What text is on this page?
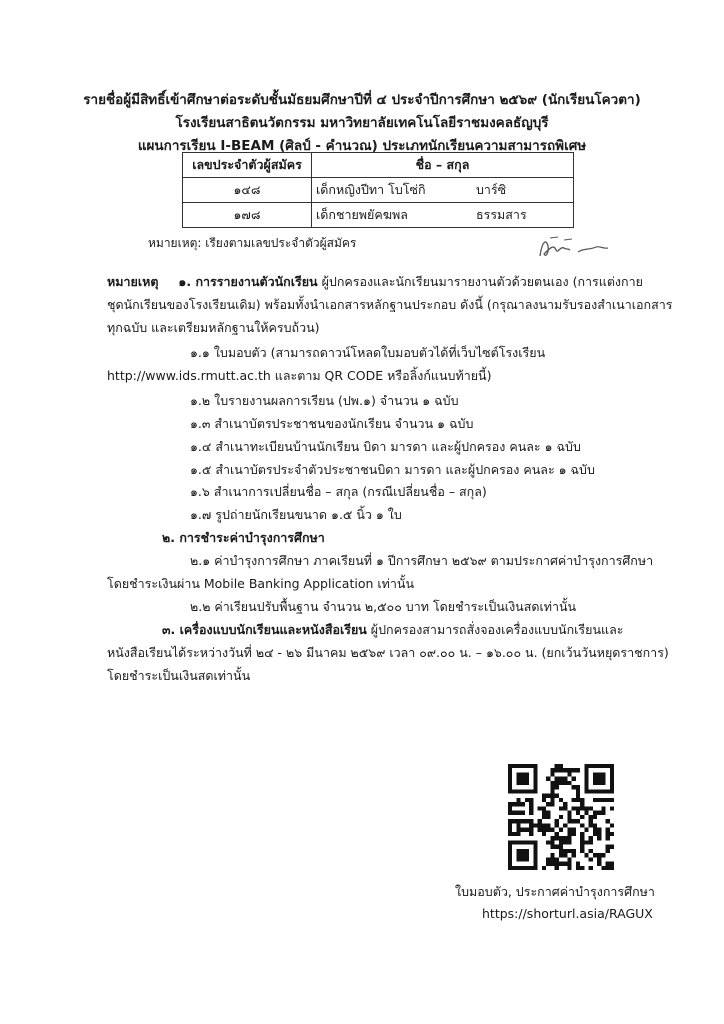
รายชื่อผู้มีสิทธิ์เข้าศึกษาต่อระดับชั้นมัธยมศึกษาปีที่ ๔ ประจำปีการศึกษา ๒๕๖๙ (นักเรียนโควตา)
โรงเรียนสาธิตนวัตกรรม มหาวิทยาลัยเทคโนโลยีราชมงคลธัญบุรี
แผนการเรียน I-BEAM (ศิลป์ - คำนวณ) ประเภทนักเรียนความสามารถพิเศษ
เลขประจำตัวผู้สมัคร	ชื่อ – สกุล
๑๔๘	เด็กหญิงปีทา โบโซ่กิ บาร์ซิ
๑๗๘	เด็กชายพยัคฆพล ธรรมสาร
หมายเหตุ: เรียงตามเลขประจำตัวผู้สมัคร
หมายเหตุ ๑. การรายงานตัวนักเรียน ผู้ปกครองและนักเรียนมารายงานตัวด้วยตนเอง (การแต่งกาย
ชุดนักเรียนของโรงเรียนเดิม) พร้อมทั้งนำเอกสารหลักฐานประกอบ ดังนี้ (กรุณาลงนามรับรองสำเนาเอกสาร
ทุกฉบับ และเตรียมหลักฐานให้ครบถ้วน)
๑.๑ ใบมอบตัว (สามารถดาวน์โหลดใบมอบตัวได้ที่เว็บไซต์โรงเรียน
http://www.ids.rmutt.ac.th และตาม QR CODE หรือลิ้งก์แนบท้ายนี้)
๑.๒ ใบรายงานผลการเรียน (ปพ.๑) จำนวน ๑ ฉบับ
๑.๓ สำเนาบัตรประชาชนของนักเรียน จำนวน ๑ ฉบับ
๑.๔ สำเนาทะเบียนบ้านนักเรียน บิดา มารดา และผู้ปกครอง คนละ ๑ ฉบับ
๑.๕ สำเนาบัตรประจำตัวประชาชนบิดา มารดา และผู้ปกครอง คนละ ๑ ฉบับ
๑.๖ สำเนาการเปลี่ยนชื่อ – สกุล (กรณีเปลี่ยนชื่อ – สกุล)
๑.๗ รูปถ่ายนักเรียนขนาด ๑.๕ นิ้ว ๑ ใบ
๒. การชำระค่าบำรุงการศึกษา
๒.๑ ค่าบำรุงการศึกษา ภาคเรียนที่ ๑ ปีการศึกษา ๒๕๖๙ ตามประกาศค่าบำรุงการศึกษา
โดยชำระเงินผ่าน Mobile Banking Application เท่านั้น
๒.๒ ค่าเรียนปรับพื้นฐาน จำนวน ๒,๕๐๐ บาท โดยชำระเป็นเงินสดเท่านั้น
๓. เครื่องแบบนักเรียนและหนังสือเรียน ผู้ปกครองสามารถสั่งจองเครื่องแบบนักเรียนและ
หนังสือเรียนได้ระหว่างวันที่ ๒๔ - ๒๖ มีนาคม ๒๕๖๙ เวลา ๐๙.๐๐ น. – ๑๖.๐๐ น. (ยกเว้นวันหยุดราชการ)
โดยชำระเป็นเงินสดเท่านั้น
ใบมอบตัว, ประกาศค่าบำรุงการศึกษา
https://shorturl.asia/RAGUX
